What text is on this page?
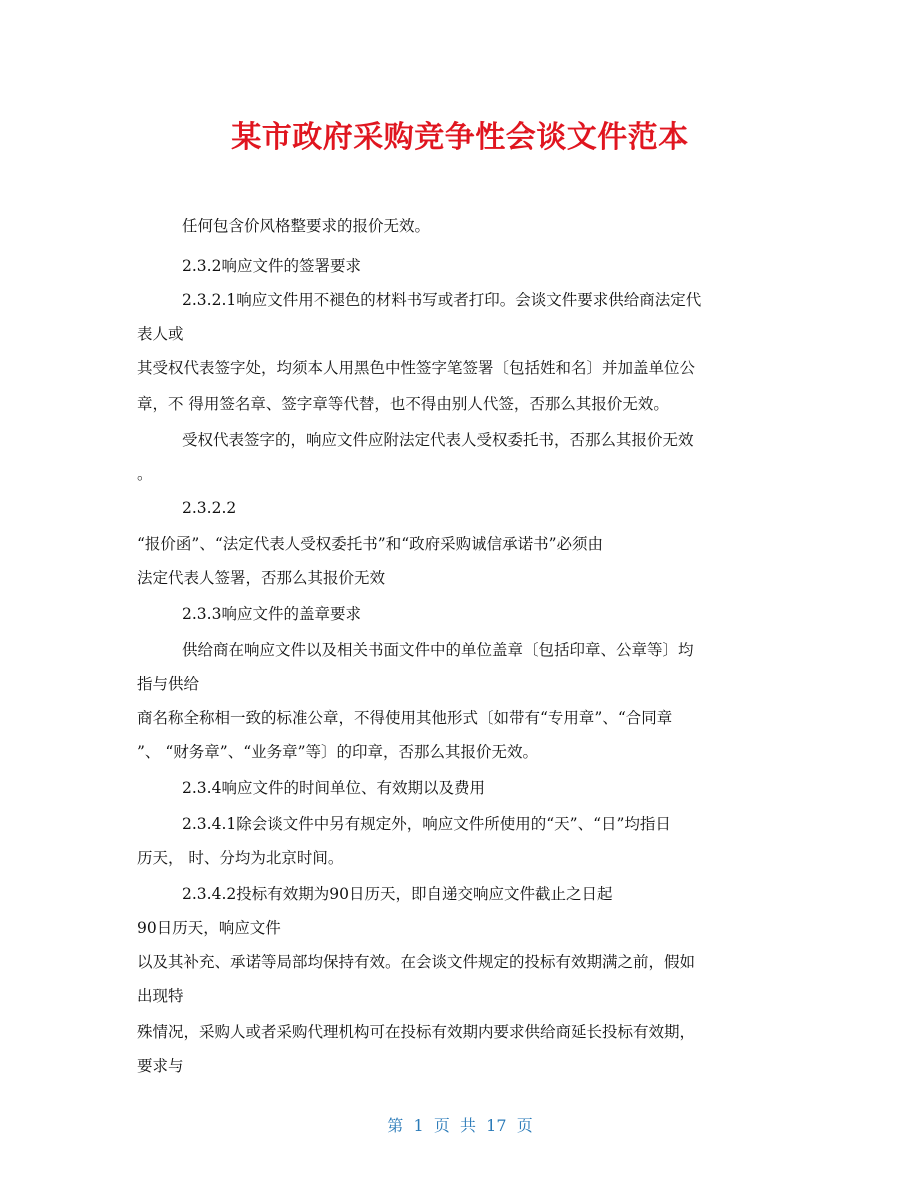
某市政府采购竞争性会谈文件范本
任何包含价风格整要求的报价无效。
2.3.2响应文件的签署要求
2.3.2.1响应文件用不褪色的材料书写或者打印。会谈文件要求供给商法定代
表人或
其受权代表签字处，均须本人用黑色中性签字笔签署〔包括姓和名〕并加盖单位公
章，不 得用签名章、签字章等代替，也不得由别人代签，否那么其报价无效。
受权代表签字的，响应文件应附法定代表人受权委托书，否那么其报价无效
。
2.3.2.2
“报价函”、“法定代表人受权委托书”和“政府采购诚信承诺书”必须由
法定代表人签署，否那么其报价无效
2.3.3响应文件的盖章要求
供给商在响应文件以及相关书面文件中的单位盖章〔包括印章、公章等〕均
指与供给
商名称全称相一致的标准公章，不得使用其他形式〔如带有“专用章”、“合同章
”、 “财务章”、“业务章”等〕的印章，否那么其报价无效。
2.3.4响应文件的时间单位、有效期以及费用
2.3.4.1除会谈文件中另有规定外，响应文件所使用的“天”、“日”均指日
历天， 时、分均为北京时间。
2.3.4.2投标有效期为90日历天，即自递交响应文件截止之日起
90日历天，响应文件
以及其补充、承诺等局部均保持有效。在会谈文件规定的投标有效期满之前，假如
出现特
殊情况，采购人或者采购代理机构可在投标有效期内要求供给商延长投标有效期，
要求与
第  1  页  共  17  页
